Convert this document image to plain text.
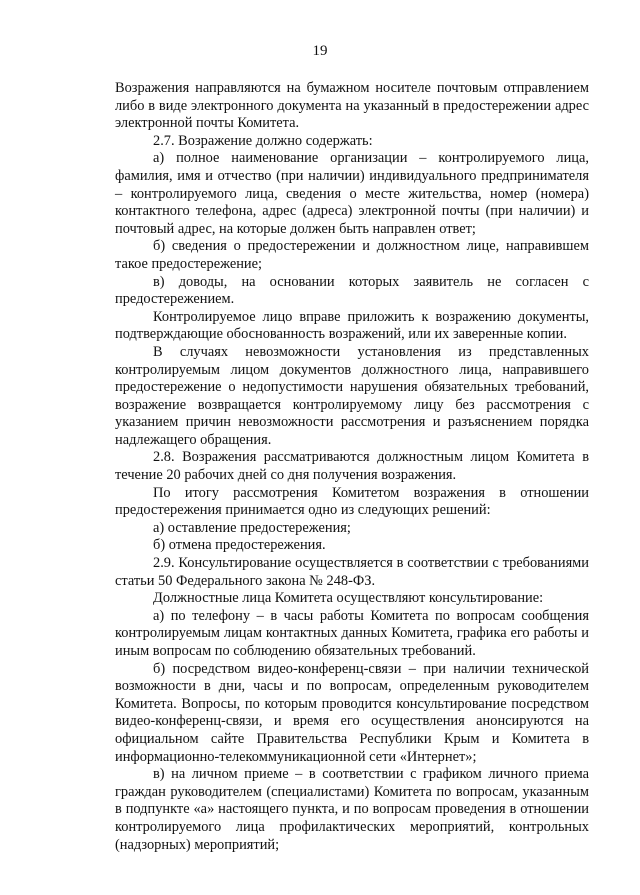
19

Возражения направляются на бумажном носителе почтовым отправлением либо в виде электронного документа на указанный в предостережении адрес электронной почты Комитета.

2.7. Возражение должно содержать:

а) полное наименование организации – контролируемого лица, фамилия, имя и отчество (при наличии) индивидуального предпринимателя – контролируемого лица, сведения о месте жительства, номер (номера) контактного телефона, адрес (адреса) электронной почты (при наличии) и почтовый адрес, на которые должен быть направлен ответ;

б) сведения о предостережении и должностном лице, направившем такое предостережение;

в) доводы, на основании которых заявитель не согласен с предостережением.

Контролируемое лицо вправе приложить к возражению документы, подтверждающие обоснованность возражений, или их заверенные копии.

В случаях невозможности установления из представленных контролируемым лицом документов должностного лица, направившего предостережение о недопустимости нарушения обязательных требований, возражение возвращается контролируемому лицу без рассмотрения с указанием причин невозможности рассмотрения и разъяснением порядка надлежащего обращения.

2.8. Возражения рассматриваются должностным лицом Комитета в течение 20 рабочих дней со дня получения возражения.

По итогу рассмотрения Комитетом возражения в отношении предостережения принимается одно из следующих решений:

а) оставление предостережения;

б) отмена предостережения.

2.9. Консультирование осуществляется в соответствии с требованиями статьи 50 Федерального закона № 248-ФЗ.

Должностные лица Комитета осуществляют консультирование:

а) по телефону – в часы работы Комитета по вопросам сообщения контролируемым лицам контактных данных Комитета, графика его работы и иным вопросам по соблюдению обязательных требований.

б) посредством видео-конференц-связи – при наличии технической возможности в дни, часы и по вопросам, определенным руководителем Комитета. Вопросы, по которым проводится консультирование посредством видео-конференц-связи, и время его осуществления анонсируются на официальном сайте Правительства Республики Крым и Комитета в информационно-телекоммуникационной сети «Интернет»;

в) на личном приеме – в соответствии с графиком личного приема граждан руководителем (специалистами) Комитета по вопросам, указанным в подпункте «а» настоящего пункта, и по вопросам проведения в отношении контролируемого лица профилактических мероприятий, контрольных (надзорных) мероприятий;
